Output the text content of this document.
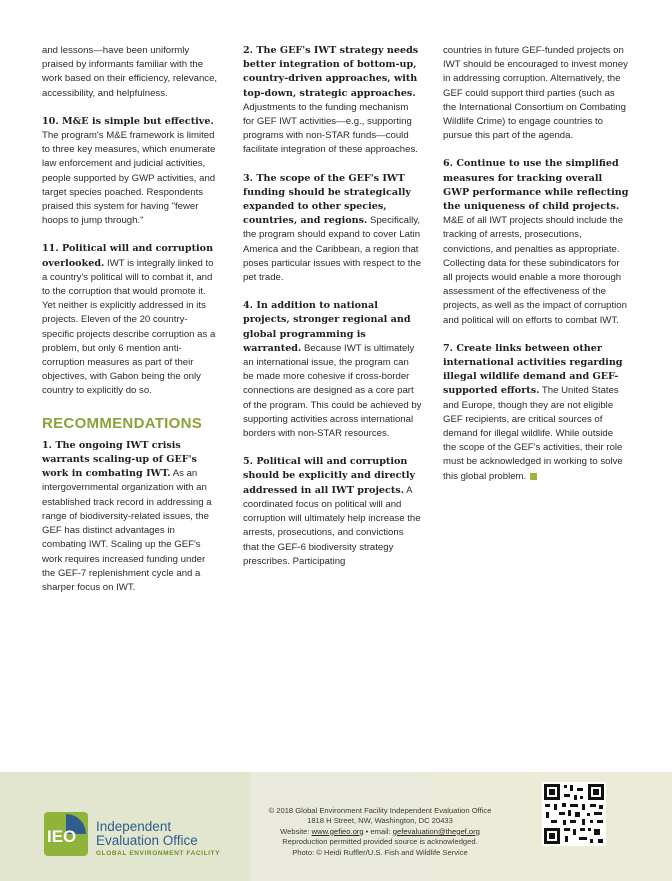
and lessons—have been uniformly praised by informants familiar with the work based on their efficiency, relevance, accessibility, and helpfulness.

10. M&E is simple but effective. The program's M&E framework is limited to three key measures, which enumerate law enforcement and judicial activities, people supported by GWP activities, and target species poached. Respondents praised this system for having "fewer hoops to jump through."

11. Political will and corruption overlooked. IWT is integrally linked to a country's political will to combat it, and to the corruption that would promote it. Yet neither is explicitly addressed in its projects. Eleven of the 20 country-specific projects describe corruption as a problem, but only 6 mention anti-corruption measures as part of their objectives, with Gabon being the only country to explicitly do so.

RECOMMENDATIONS

1. The ongoing IWT crisis warrants scaling-up of GEF's work in combating IWT. As an intergovernmental organization with an established track record in addressing a range of biodiversity-related issues, the GEF has distinct advantages in combating IWT. Scaling up the GEF's work requires increased funding under the GEF-7 replenishment cycle and a sharper focus on IWT.

2. The GEF's IWT strategy needs better integration of bottom-up, country-driven approaches, with top-down, strategic approaches. Adjustments to the funding mechanism for GEF IWT activities—e.g., supporting programs with non-STAR funds—could facilitate integration of these approaches.

3. The scope of the GEF's IWT funding should be strategically expanded to other species, countries, and regions. Specifically, the program should expand to cover Latin America and the Caribbean, a region that poses particular issues with respect to the pet trade.

4. In addition to national projects, stronger regional and global programming is warranted. Because IWT is ultimately an international issue, the program can be made more cohesive if cross-border connections are designed as a core part of the program. This could be achieved by supporting activities across international borders with non-STAR resources.

5. Political will and corruption should be explicitly and directly addressed in all IWT projects. A coordinated focus on political will and corruption will ultimately help increase the arrests, prosecutions, and convictions that the GEF-6 biodiversity strategy prescribes. Participating

countries in future GEF-funded projects on IWT should be encouraged to invest money in addressing corruption. Alternatively, the GEF could support third parties (such as the International Consortium on Combating Wildlife Crime) to engage countries to pursue this part of the agenda.

6. Continue to use the simplified measures for tracking overall GWP performance while reflecting the uniqueness of child projects. M&E of all IWT projects should include the tracking of arrests, prosecutions, convictions, and penalties as appropriate. Collecting data for these subindicators for all projects would enable a more thorough assessment of the effectiveness of the projects, as well as the impact of corruption and political will on efforts to combat IWT.

7. Create links between other international activities regarding illegal wildlife demand and GEF-supported efforts. The United States and Europe, though they are not eligible GEF recipients, are critical sources of demand for illegal wildlife. While outside the scope of the GEF's activities, their role must be acknowledged in working to solve this global problem.

IEO
Independent
Evaluation Office
GLOBAL ENVIRONMENT FACILITY
© 2018 Global Environment Facility Independent Evaluation Office
1818 H Street, NW, Washington, DC 20433
Website: www.gefieo.org • email: gefevaluation@thegef.org
Reproduction permitted provided source is acknowledged.
Photo: © Heidi Ruffler/U.S. Fish and Wildlife Service
